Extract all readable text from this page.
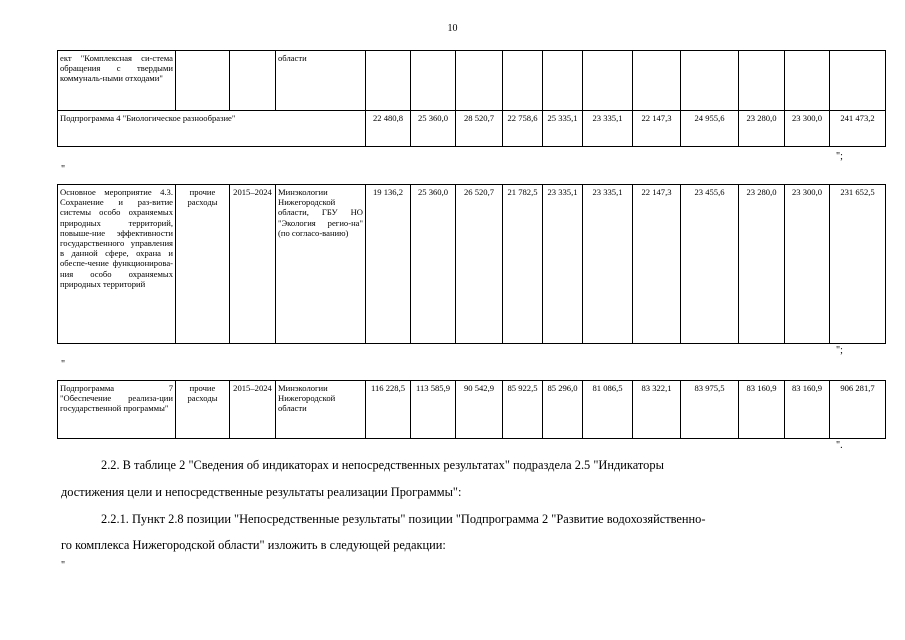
10
ект "Комплексная си-стема обращения с твердыми коммуналь-ными отходами"			области											
Подпрограмма 4 "Биологическое разнообразие"				22 480,8	25 360,0	28 520,7	22 758,6	25 335,1	23 335,1	22 147,3	24 955,6	23 280,0	23 300,0	241 473,2
";
"
Основное мероприятие 4.3. Сохранение и раз-витие системы особо охраняемых природных территорий, повыше-ние эффективности государственного управления в данной сфере, охрана и обеспе-чение функционирова-ния особо охраняемых природных территорий	прочие расходы	2015–2024	Минэкологии Нижегородской области, ГБУ НО "Экология регио-на" (по согласо-ванию)	19 136,2	25 360,0	26 520,7	21 782,5	23 335,1	23 335,1	22 147,3	23 455,6	23 280,0	23 300,0	231 652,5
";
"
Подпрограмма 7 "Обеспечение реализа-ции государственной программы"	прочие расходы	2015–2024	Минэкологии Нижегородской области	116 228,5	113 585,9	90 542,9	85 922,5	85 296,0	81 086,5	83 322,1	83 975,5	83 160,9	83 160,9	906 281,7
".
2.2. В таблице 2 "Сведения об индикаторах и непосредственных результатах" подраздела 2.5 "Индикаторы
достижения цели и непосредственные результаты реализации Программы":
2.2.1. Пункт 2.8 позиции "Непосредственные результаты" позиции "Подпрограмма 2 "Развитие водохозяйственно-
го комплекса Нижегородской области" изложить в следующей редакции:
"
